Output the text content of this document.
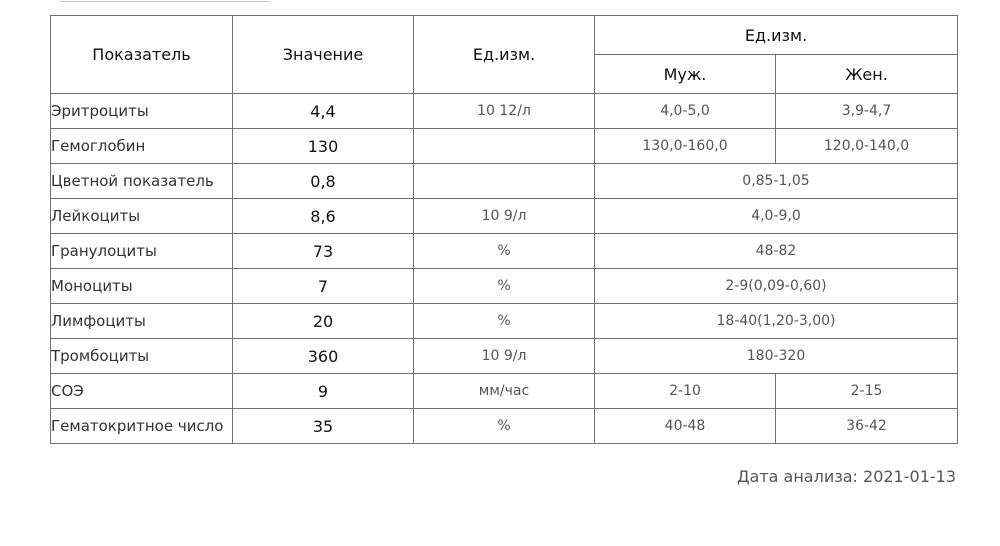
Показатель	Значение	Ед.изм.	Ед.изм.	
			Муж.	Жен.
Эритроциты	4,4	10 12/л	4,0-5,0	3,9-4,7
Гемоглобин	130		130,0-160,0	120,0-140,0
Цветной показатель	0,8		0,85-1,05	
Лейкоциты	8,6	10 9/л	4,0-9,0	
Гранулоциты	73	%	48-82	
Моноциты	7	%	2-9(0,09-0,60)	
Лимфоциты	20	%	18-40(1,20-3,00)	
Тромбоциты	360	10 9/л	180-320	
СОЭ	9	мм/час	2-10	2-15
Гематокритное число	35	%	40-48	36-42
Дата анализа: 2021-01-13
